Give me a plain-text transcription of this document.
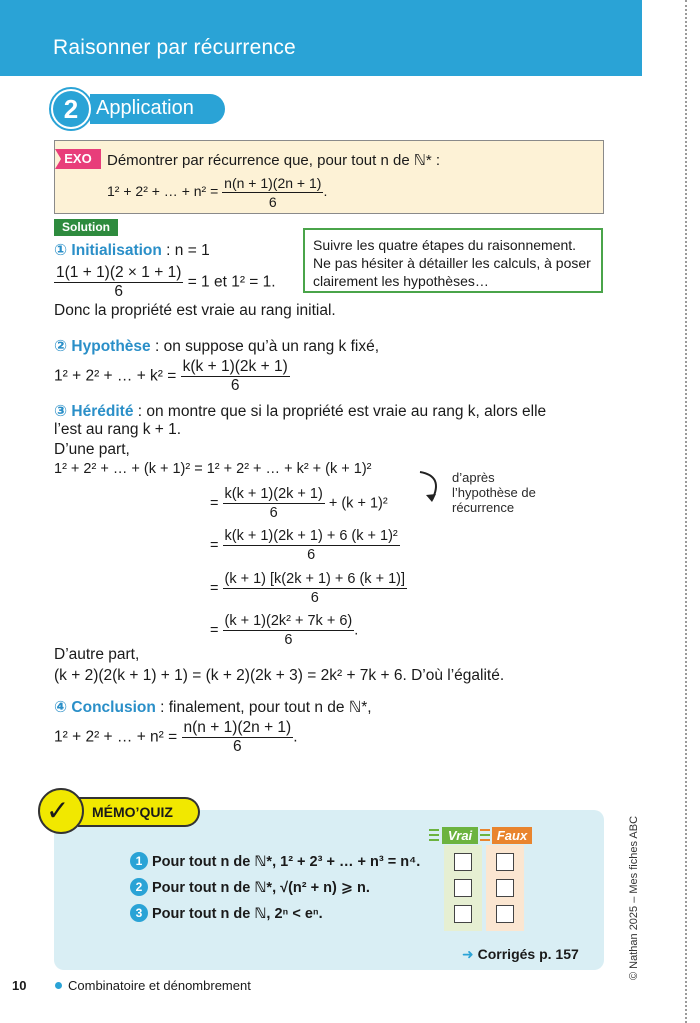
Raisonner par récurrence
Application
2
EXO	Démontrer par récurrence que, pour tout n de ℕ* :
1² + 2² + … + $n^2 = \frac{n(n + 1)(2n + 1)}{6}$ .
Solution
Suivre les quatre étapes du raisonnement. Ne pas hésiter à détailler les calculs, à poser clairement les hypothèses…
① Initialisation : n = 1
$\frac{1(1 + 1)(2 \times 1 + 1)}{6} = 1$ et 1² = 1.
Donc la propriété est vraie au rang initial.
② Hypothèse : on suppose qu’à un rang k fixé,
1² + 2² + … + $k^2 = \frac{k(k + 1)(2k + 1)}{6}$
③ Hérédité : on montre que si la propriété est vraie au rang k, alors elle
l’est au rang k + 1.
D’une part,
1² + 2² + … + (k + 1)² = 1² + 2² + … + k² + (k + 1)²
d’après l’hypothèse de récurrence
= $\frac{k(k + 1)(2k + 1)}{6} + (k + 1)^2$
= $\frac{\text{k(k + 1)(2k + 1) + 6 (k + 1)²}}{6}$
= $\frac{(k + 1) [k(2k + 1) + 6 (k + 1)]}{6}$
= $\frac{\text{(k + 1)(2k² + 7k + 6)}}{6}$ .
D’autre part,
(k + 2)(2(k + 1) + 1) = (k + 2)(2k + 3) = 2k² + 7k + 6. D’où l’égalité.
④ Conclusion : finalement, pour tout n de ℕ*,
1² + 2² + … + $n^2 = \frac{n(n + 1)(2n + 1)}{6}$ .
MÉMO’QUIZ
✓
Vrai	Faux
1 Pour tout n de ℕ*, 1² + 2³ + … + n³ = n⁴.
2 Pour tout n de ℕ*, √(n² + n) ⩾ n.
3 Pour tout n de ℕ, 2ⁿ < eⁿ.
➜ Corrigés p. 157
10	Combinatoire et dénombrement
© Nathan 2025 – Mes fiches ABC
